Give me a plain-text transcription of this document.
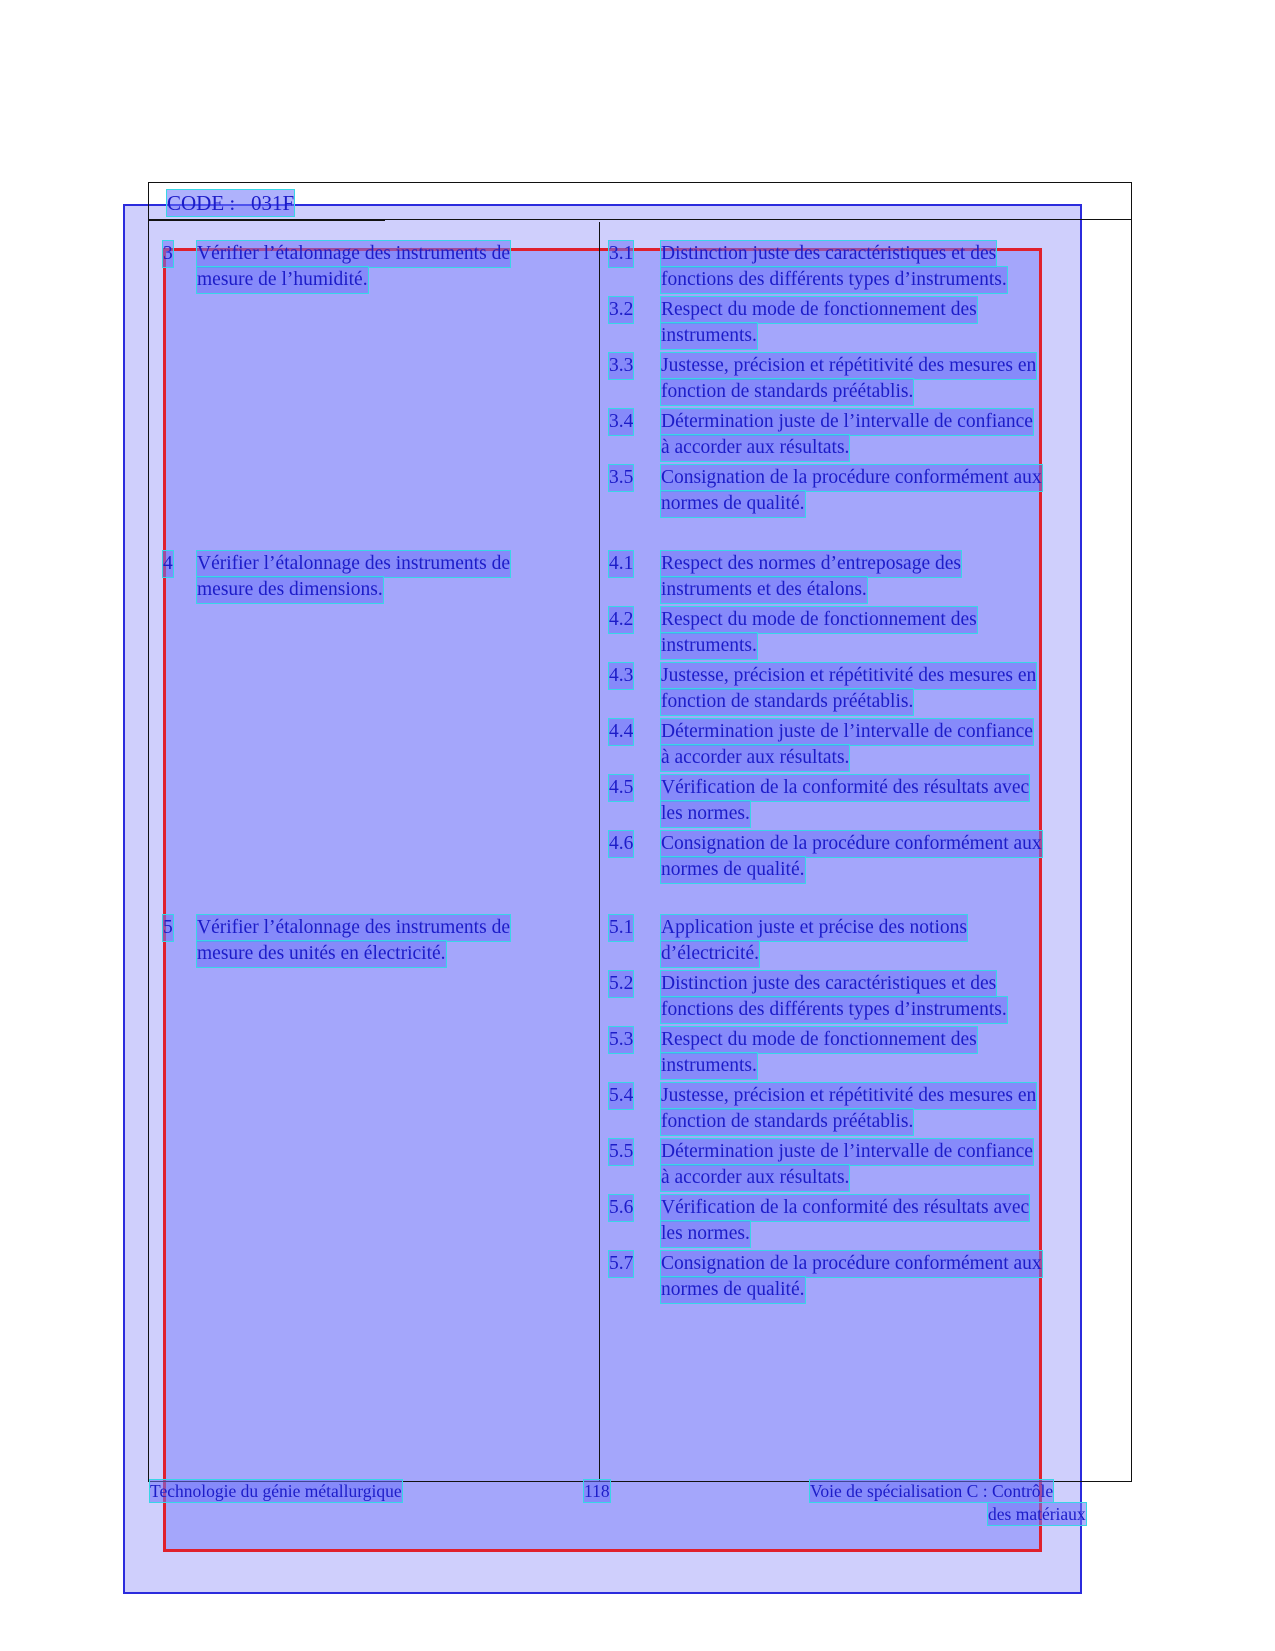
CODE : 031F
3 Vérifier l’étalonnage des instruments de
mesure de l’humidité.
3.1 Distinction juste des caractéristiques et des
fonctions des différents types d’instruments.
3.2 Respect du mode de fonctionnement des
instruments.
3.3 Justesse, précision et répétitivité des mesures en
fonction de standards préétablis.
3.4 Détermination juste de l’intervalle de confiance
à accorder aux résultats.
3.5 Consignation de la procédure conformément aux
normes de qualité.
4 Vérifier l’étalonnage des instruments de
mesure des dimensions.
4.1 Respect des normes d’entreposage des
instruments et des étalons.
4.2 Respect du mode de fonctionnement des
instruments.
4.3 Justesse, précision et répétitivité des mesures en
fonction de standards préétablis.
4.4 Détermination juste de l’intervalle de confiance
à accorder aux résultats.
4.5 Vérification de la conformité des résultats avec
les normes.
4.6 Consignation de la procédure conformément aux
normes de qualité.
5 Vérifier l’étalonnage des instruments de
mesure des unités en électricité.
5.1 Application juste et précise des notions
d’électricité.
5.2 Distinction juste des caractéristiques et des
fonctions des différents types d’instruments.
5.3 Respect du mode de fonctionnement des
instruments.
5.4 Justesse, précision et répétitivité des mesures en
fonction de standards préétablis.
5.5 Détermination juste de l’intervalle de confiance
à accorder aux résultats.
5.6 Vérification de la conformité des résultats avec
les normes.
5.7 Consignation de la procédure conformément aux
normes de qualité.
Technologie du génie métallurgique	118	Voie de spécialisation C : Contrôle
des matériaux
